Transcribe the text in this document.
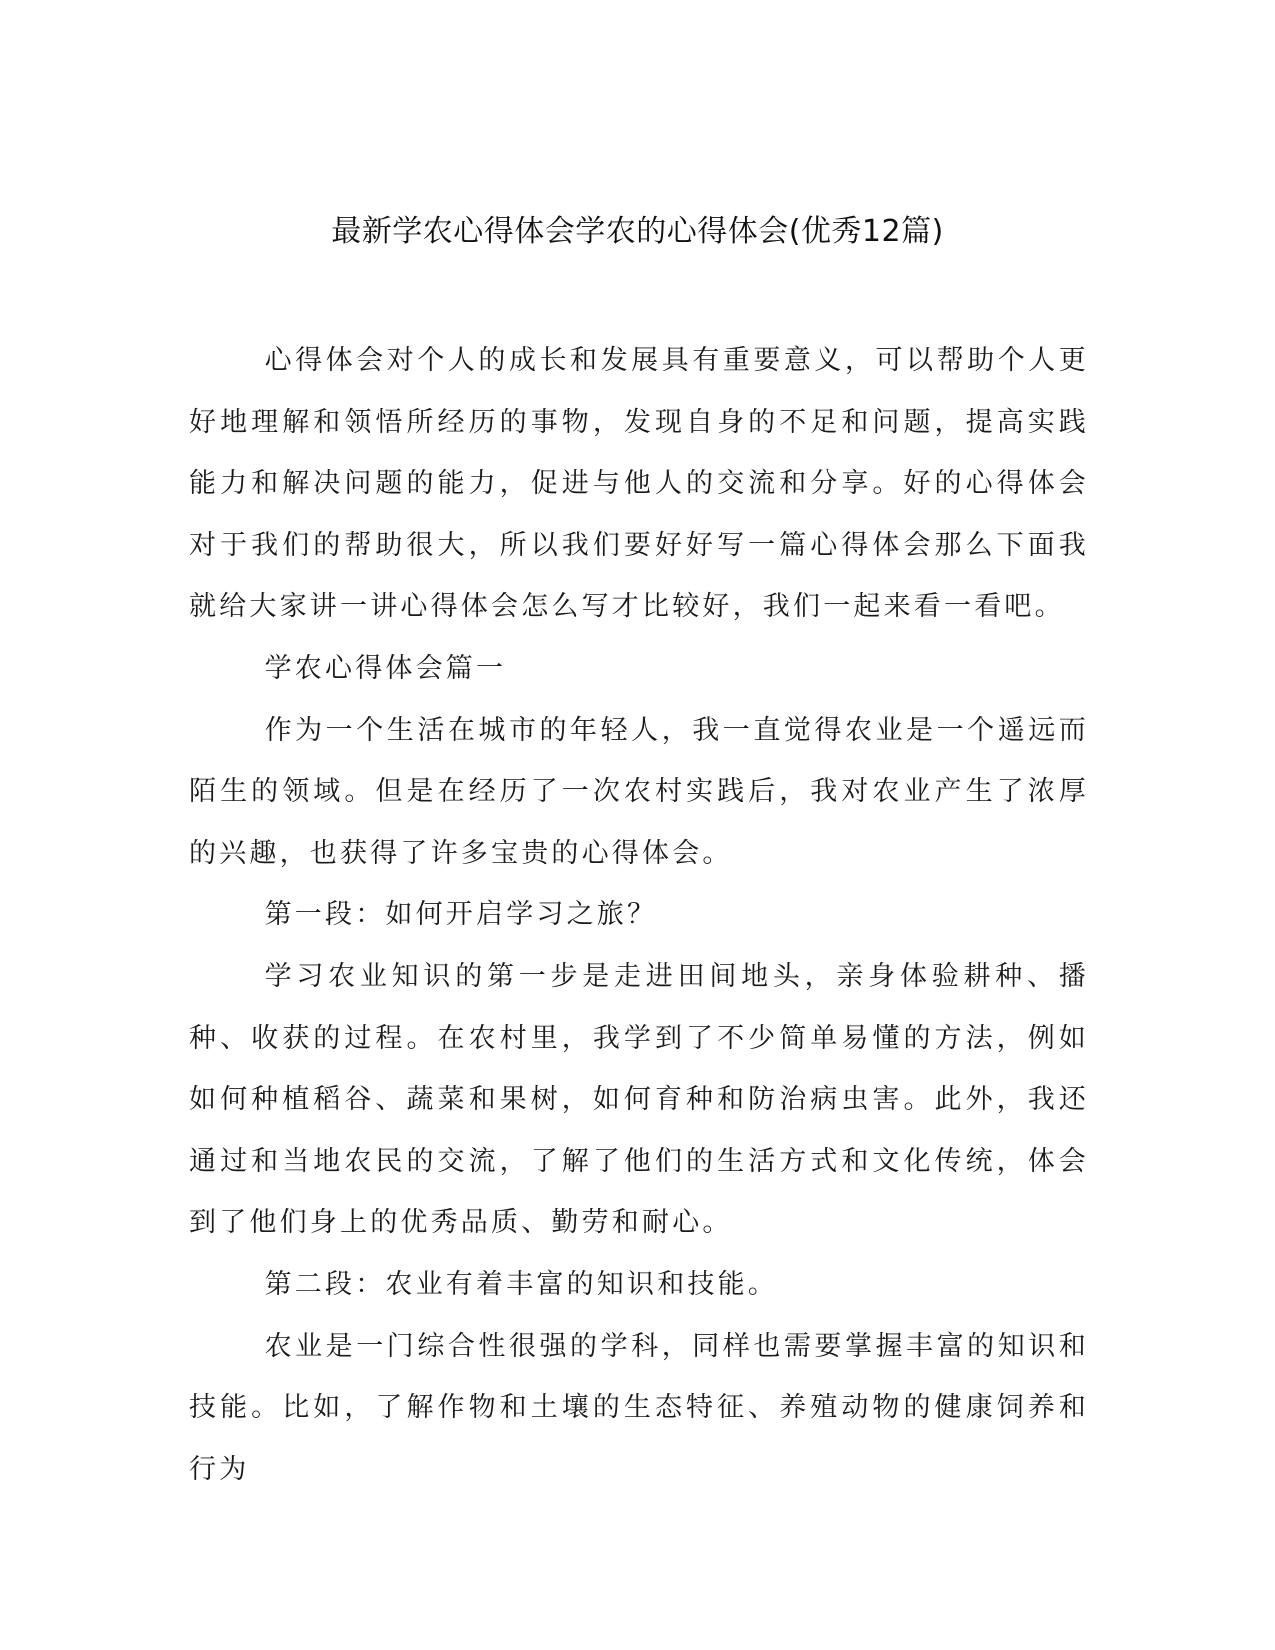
最新学农心得体会学农的心得体会(优秀12篇)

心得体会对个人的成长和发展具有重要意义，可以帮助个人更好地理解和领悟所经历的事物，发现自身的不足和问题，提高实践能力和解决问题的能力，促进与他人的交流和分享。好的心得体会对于我们的帮助很大，所以我们要好好写一篇心得体会那么下面我就给大家讲一讲心得体会怎么写才比较好，我们一起来看一看吧。

学农心得体会篇一

作为一个生活在城市的年轻人，我一直觉得农业是一个遥远而陌生的领域。但是在经历了一次农村实践后，我对农业产生了浓厚的兴趣，也获得了许多宝贵的心得体会。

第一段：如何开启学习之旅？

学习农业知识的第一步是走进田间地头，亲身体验耕种、播种、收获的过程。在农村里，我学到了不少简单易懂的方法，例如如何种植稻谷、蔬菜和果树，如何育种和防治病虫害。此外，我还通过和当地农民的交流，了解了他们的生活方式和文化传统，体会到了他们身上的优秀品质、勤劳和耐心。

第二段：农业有着丰富的知识和技能。

农业是一门综合性很强的学科，同样也需要掌握丰富的知识和技能。比如，了解作物和土壤的生态特征、养殖动物的健康饲养和行为
